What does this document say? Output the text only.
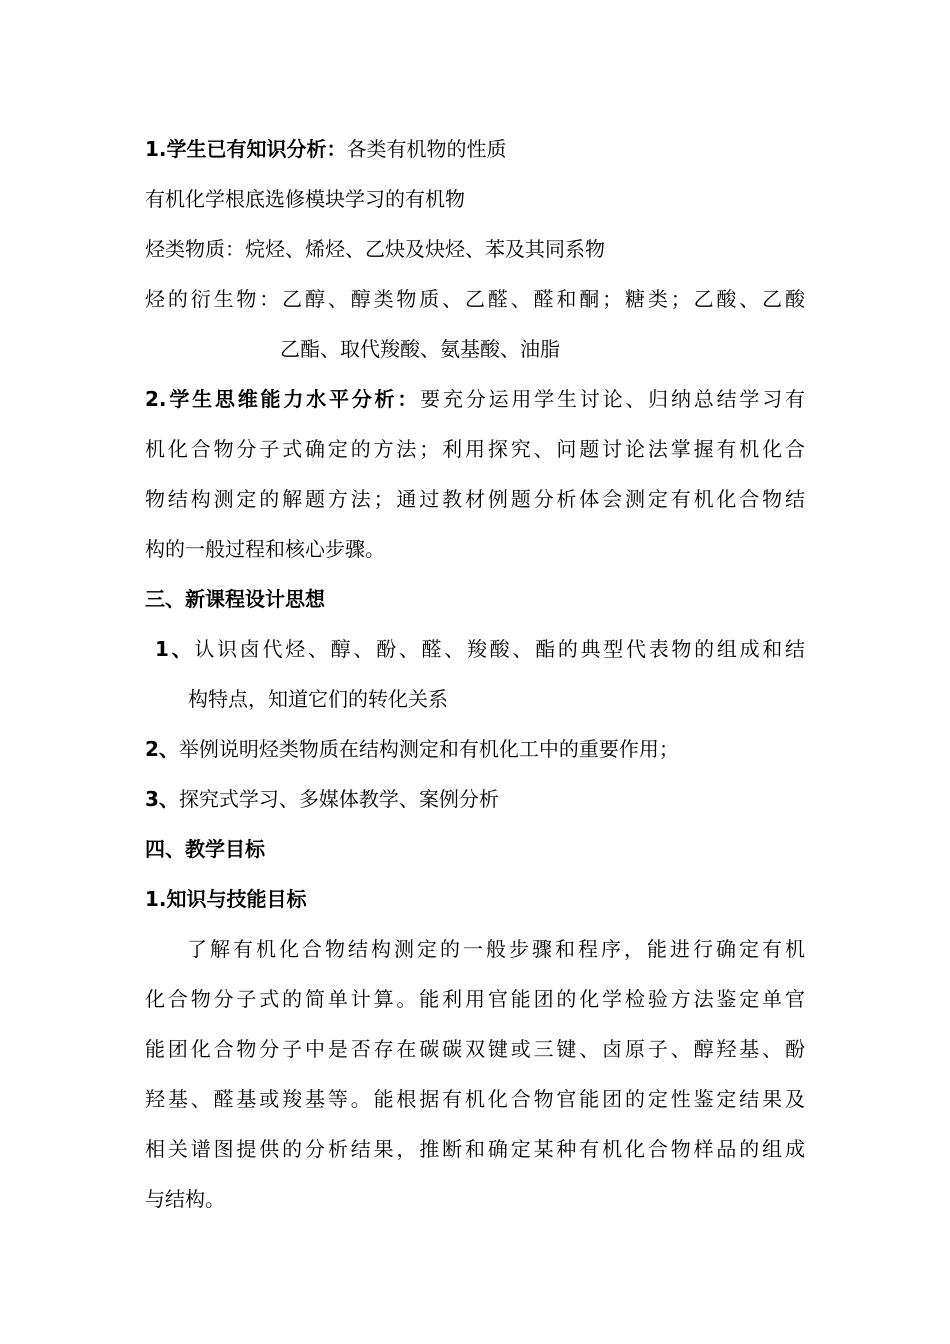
1.学生已有知识分析：各类有机物的性质

有机化学根底选修模块学习的有机物

烃类物质：烷烃、烯烃、乙炔及炔烃、苯及其同系物

烃的衍生物：乙醇、醇类物质、乙醛、醛和酮；糖类；乙酸、乙酸

乙酯、取代羧酸、氨基酸、油脂

2.学生思维能力水平分析：要充分运用学生讨论、归纳总结学习有

机化合物分子式确定的方法；利用探究、问题讨论法掌握有机化合

物结构测定的解题方法；通过教材例题分析体会测定有机化合物结

构的一般过程和核心步骤。

三、新课程设计思想

1、认识卤代烃、醇、酚、醛、羧酸、酯的典型代表物的组成和结

构特点，知道它们的转化关系

2、举例说明烃类物质在结构测定和有机化工中的重要作用；

3、探究式学习、多媒体教学、案例分析

四、教学目标

1.知识与技能目标

了解有机化合物结构测定的一般步骤和程序，能进行确定有机

化合物分子式的简单计算。能利用官能团的化学检验方法鉴定单官

能团化合物分子中是否存在碳碳双键或三键、卤原子、醇羟基、酚

羟基、醛基或羧基等。能根据有机化合物官能团的定性鉴定结果及

相关谱图提供的分析结果，推断和确定某种有机化合物样品的组成

与结构。
